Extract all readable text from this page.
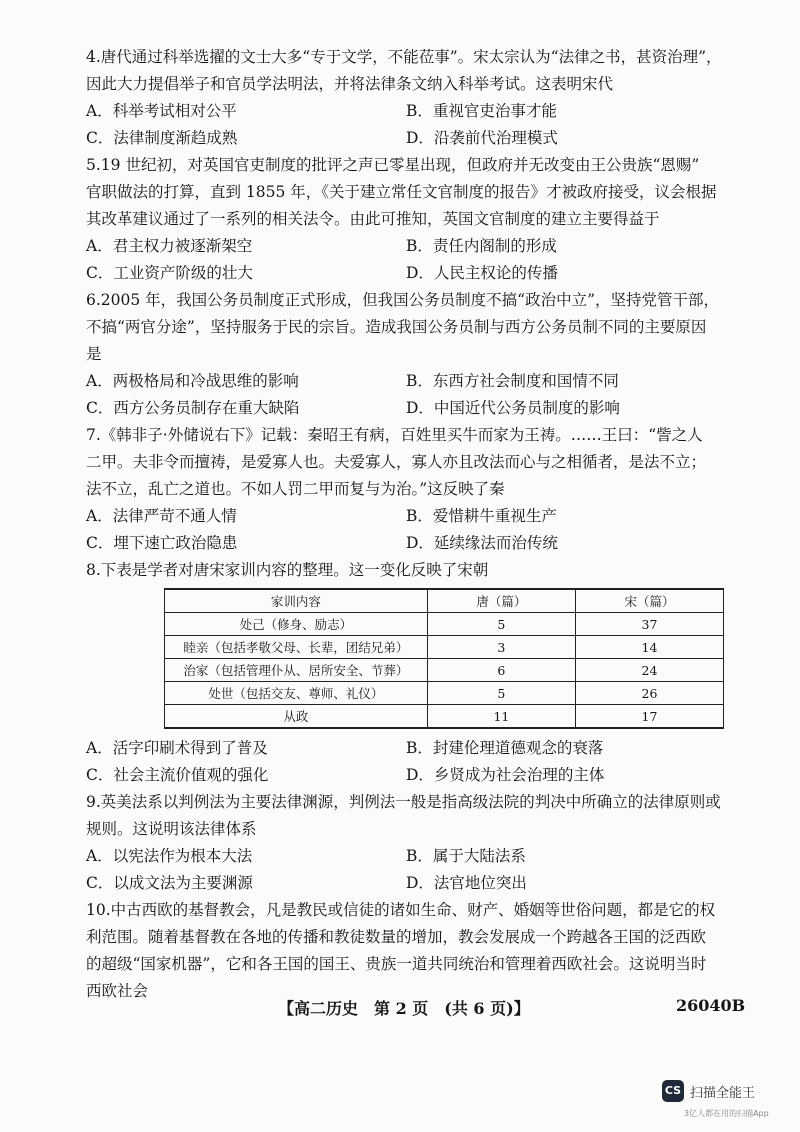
4.唐代通过科举选擢的文士大多“专于文学，不能莅事”。宋太宗认为“法律之书，甚资治理”，
因此大力提倡举子和官员学法明法，并将法律条文纳入科举考试。这表明宋代
A．科举考试相对公平	B．重视官吏治事才能
C．法律制度渐趋成熟	D．沿袭前代治理模式
5.19 世纪初，对英国官吏制度的批评之声已零星出现，但政府并无改变由王公贵族“恩赐”
官职做法的打算，直到 1855 年，《关于建立常任文官制度的报告》才被政府接受，议会根据
其改革建议通过了一系列的相关法令。由此可推知，英国文官制度的建立主要得益于
A．君主权力被逐渐架空	B．责任内阁制的形成
C．工业资产阶级的壮大	D．人民主权论的传播
6.2005 年，我国公务员制度正式形成，但我国公务员制度不搞“政治中立”，坚持党管干部，
不搞“两官分途”，坚持服务于民的宗旨。造成我国公务员制与西方公务员制不同的主要原因
是
A．两极格局和冷战思维的影响	B．东西方社会制度和国情不同
C．西方公务员制存在重大缺陷	D．中国近代公务员制度的影响
7.《韩非子·外储说右下》记载：秦昭王有病，百姓里买牛而家为王祷。……王曰：“訾之人
二甲。夫非令而擅祷，是爱寡人也。夫爱寡人，寡人亦且改法而心与之相循者，是法不立；
法不立，乱亡之道也。不如人罚二甲而复与为治。”这反映了秦
A．法律严苛不通人情	B．爱惜耕牛重视生产
C．埋下速亡政治隐患	D．延续缘法而治传统
8.下表是学者对唐宋家训内容的整理。这一变化反映了宋朝
家训内容	唐（篇）	宋（篇）
处己（修身、励志）	5	37
睦亲（包括孝敬父母、长辈，团结兄弟）	3	14
治家（包括管理仆从、居所安全、节葬）	6	24
处世（包括交友、尊师、礼仪）	5	26
从政	11	17
A．活字印刷术得到了普及	B．封建伦理道德观念的衰落
C．社会主流价值观的强化	D．乡贤成为社会治理的主体
9.英美法系以判例法为主要法律渊源，判例法一般是指高级法院的判决中所确立的法律原则或
规则。这说明该法律体系
A．以宪法作为根本大法	B．属于大陆法系
C．以成文法为主要渊源	D．法官地位突出
10.中古西欧的基督教会，凡是教民或信徒的诸如生命、财产、婚姻等世俗问题，都是它的权
利范围。随着基督教在各地的传播和教徒数量的增加，教会发展成一个跨越各王国的泛西欧
的超级“国家机器”，它和各王国的国王、贵族一道共同统治和管理着西欧社会。这说明当时
西欧社会
【高二历史　第 2 页　(共 6 页)】	26040B
CS 扫描全能王
3亿人都在用的扫描App
